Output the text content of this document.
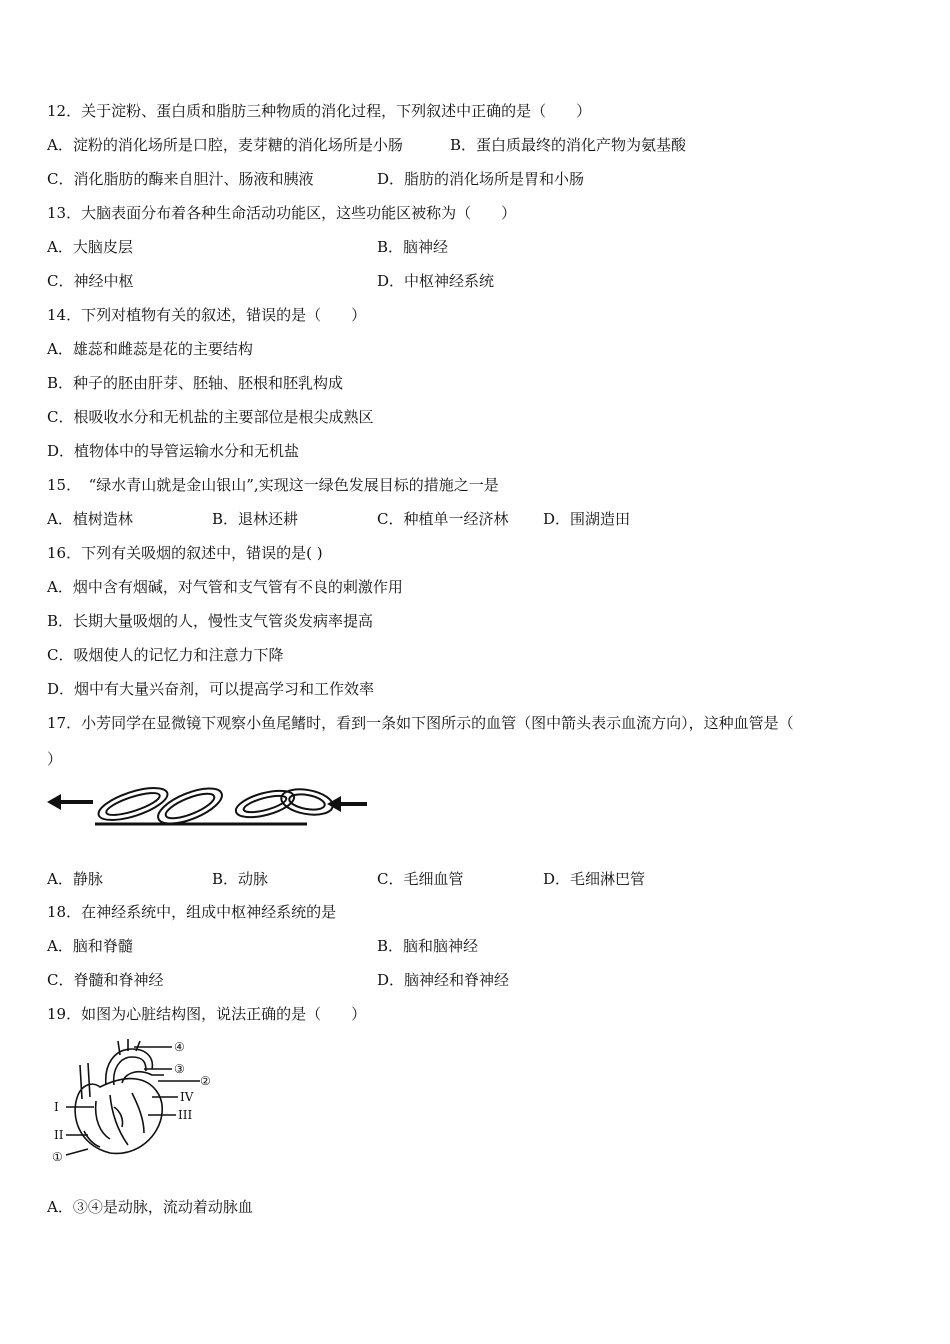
12．关于淀粉、蛋白质和脂肪三种物质的消化过程，下列叙述中正确的是（　　）
A．淀粉的消化场所是口腔，麦芽糖的消化场所是小肠	B．蛋白质最终的消化产物为氨基酸
C．消化脂肪的酶来自胆汁、肠液和胰液	D．脂肪的消化场所是胃和小肠
13．大脑表面分布着各种生命活动功能区，这些功能区被称为（　　）
A．大脑皮层	B．脑神经
C．神经中枢	D．中枢神经系统
14．下列对植物有关的叙述，错误的是（　　）
A．雄蕊和雌蕊是花的主要结构
B．种子的胚由肝芽、胚轴、胚根和胚乳构成
C．根吸收水分和无机盐的主要部位是根尖成熟区
D．植物体中的导管运输水分和无机盐
15．　“绿水青山就是金山银山”,实现这一绿色发展目标的措施之一是
A．植树造林	B．退林还耕	C．种植单一经济林 D．围湖造田
16．下列有关吸烟的叙述中，错误的是( )
A．烟中含有烟碱，对气管和支气管有不良的刺激作用
B．长期大量吸烟的人，慢性支气管炎发病率提高
C．吸烟使人的记忆力和注意力下降
D．烟中有大量兴奋剂，可以提高学习和工作效率
17．小芳同学在显微镜下观察小鱼尾鳍时，看到一条如下图所示的血管（图中箭头表示血流方向），这种血管是（
）
A．静脉	B．动脉	C．毛细血管	D．毛细淋巴管
18．在神经系统中，组成中枢神经系统的是
A．脑和脊髓	B．脑和脑神经
C．脊髓和脊神经	D．脑神经和脊神经
19．如图为心脏结构图，说法正确的是（　　）
④
③
②
IV
III
I
II
①
A．③④是动脉，流动着动脉血
